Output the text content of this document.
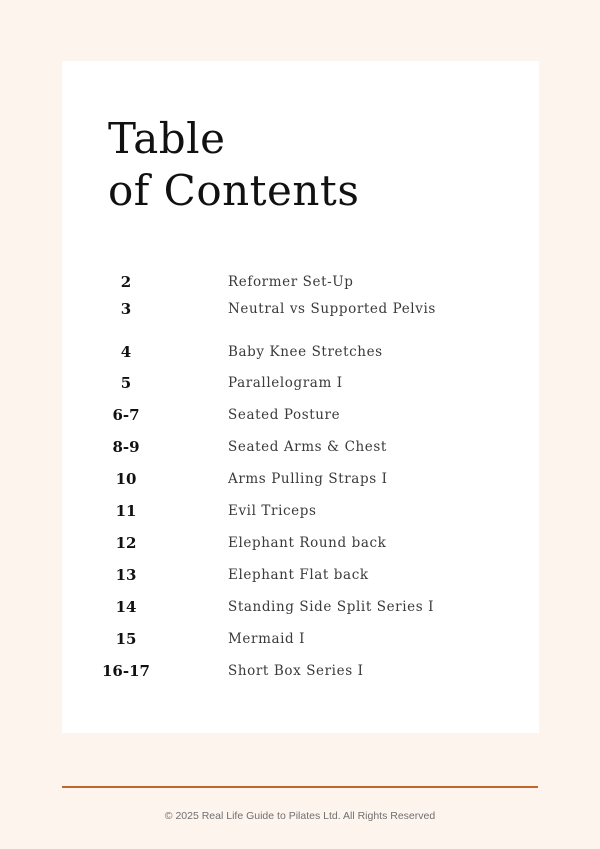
Table
of Contents
2	Reformer Set-Up
3	Neutral vs Supported Pelvis
4	Baby Knee Stretches
5	Parallelogram I
6-7	Seated Posture
8-9	Seated Arms & Chest
10	Arms Pulling Straps I
11	Evil Triceps
12	Elephant Round back
13	Elephant Flat back
14	Standing Side Split Series I
15	Mermaid I
16-17	Short Box Series I
© 2025 Real Life Guide to Pilates Ltd. All Rights Reserved
